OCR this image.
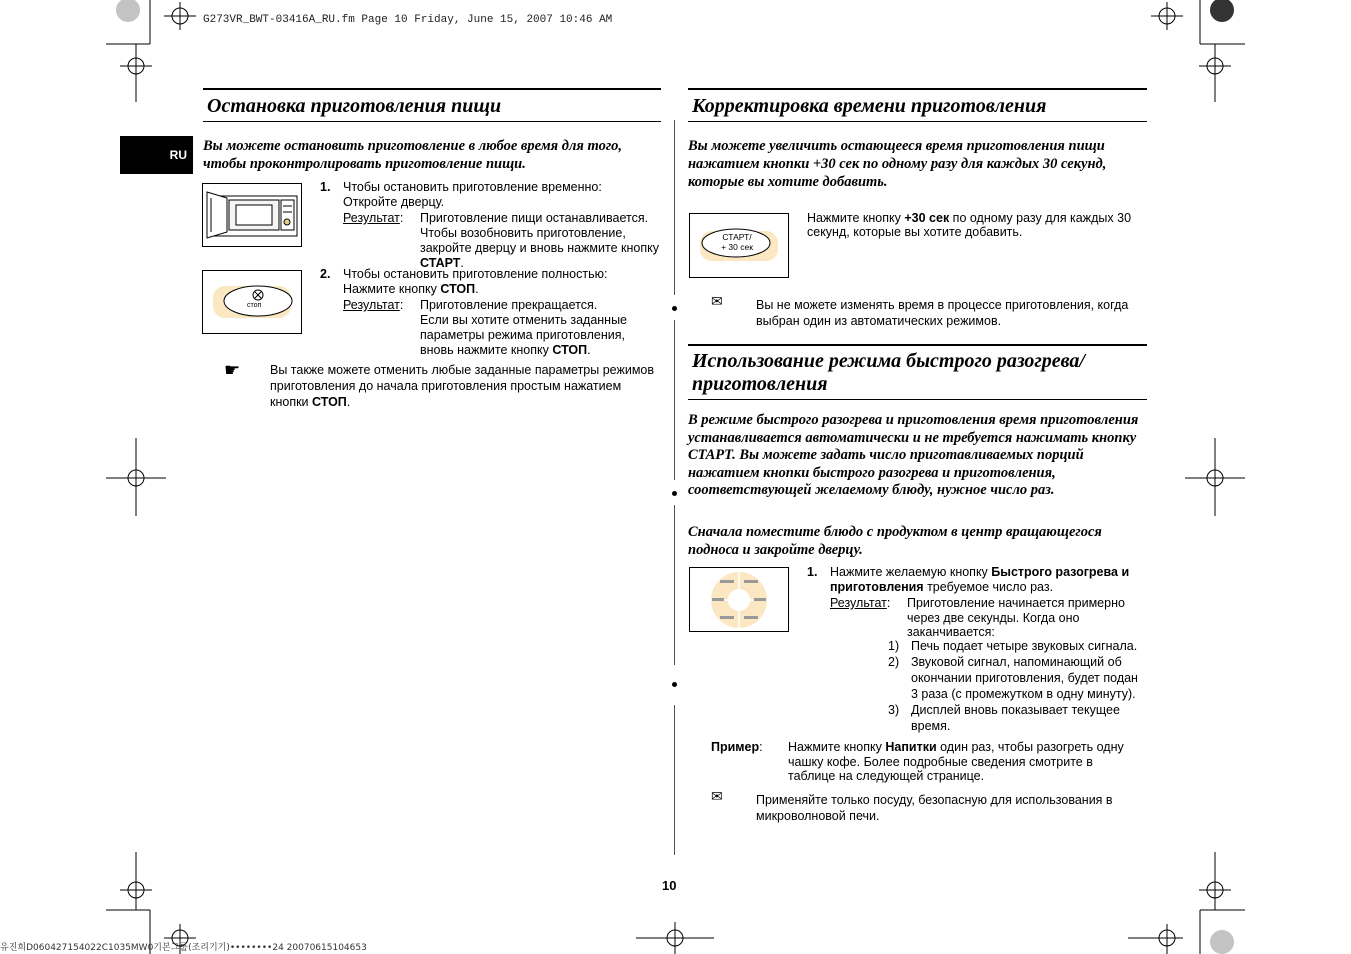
G273VR_BWT-03416A_RU.fm Page 10 Friday, June 15, 2007 10:46 AM
RU
Остановка приготовления пищи
Вы можете остановить приготовление в любое время для того, чтобы проконтролировать приготовление пищи.
1.	Чтобы остановить приготовление временно:
Откройте дверцу.
Результат:	Приготовление пищи останавливается. Чтобы возобновить приготовление, закройте дверцу и вновь нажмите кнопку СТАРТ.
стоп
2.	Чтобы остановить приготовление полностью:
Нажмите кнопку СТОП.
Результат:	Приготовление прекращается.
Если вы хотите отменить заданные параметры режима приготовления, вновь нажмите кнопку СТОП.
☛ Вы также можете отменить любые заданные параметры режимов приготовления до начала приготовления простым нажатием кнопки СТОП.
Корректировка времени приготовления
Вы можете увеличить остающееся время приготовления пищи нажатием кнопки +30 сек по одному разу для каждых 30 секунд, которые вы хотите добавить.
СТАРТ/
+ 30 сек
Нажмите кнопку +30 сек по одному разу для каждых 30 секунд, которые вы хотите добавить.
✉	Вы не можете изменять время в процессе приготовления, когда выбран один из автоматических режимов.
Использование режима быстрого разогрева/ приготовления
В режиме быстрого разогрева и приготовления время приготовления устанавливается автоматически и не требуется нажимать кнопку СТАРТ. Вы можете задать число приготавливаемых порций нажатием кнопки быстрого разогрева и приготовления, соответствующей желаемому блюду, нужное число раз.
Сначала поместите блюдо с продуктом в центр вращающегося подноса и закройте дверцу.
1.	Нажмите желаемую кнопку Быстрого разогрева и приготовления требуемое число раз.
Результат:	Приготовление начинается примерно через две секунды. Когда оно заканчивается:
1) Печь подает четыре звуковых сигнала.
2) Звуковой сигнал, напоминающий об окончании приготовления, будет подан 3 раза (с промежутком в одну минуту).
3) Дисплей вновь показывает текущее время.
Пример:	Нажмите кнопку Напитки один раз, чтобы разогреть одну чашку кофе. Более подробные сведения смотрите в таблице на следующей странице.
✉	Применяйте только посуду, безопасную для использования в микроволновой печи.
10
유진희D060427154022C1035MW0기본그룹(조리기기)••••••••24 20070615104653
